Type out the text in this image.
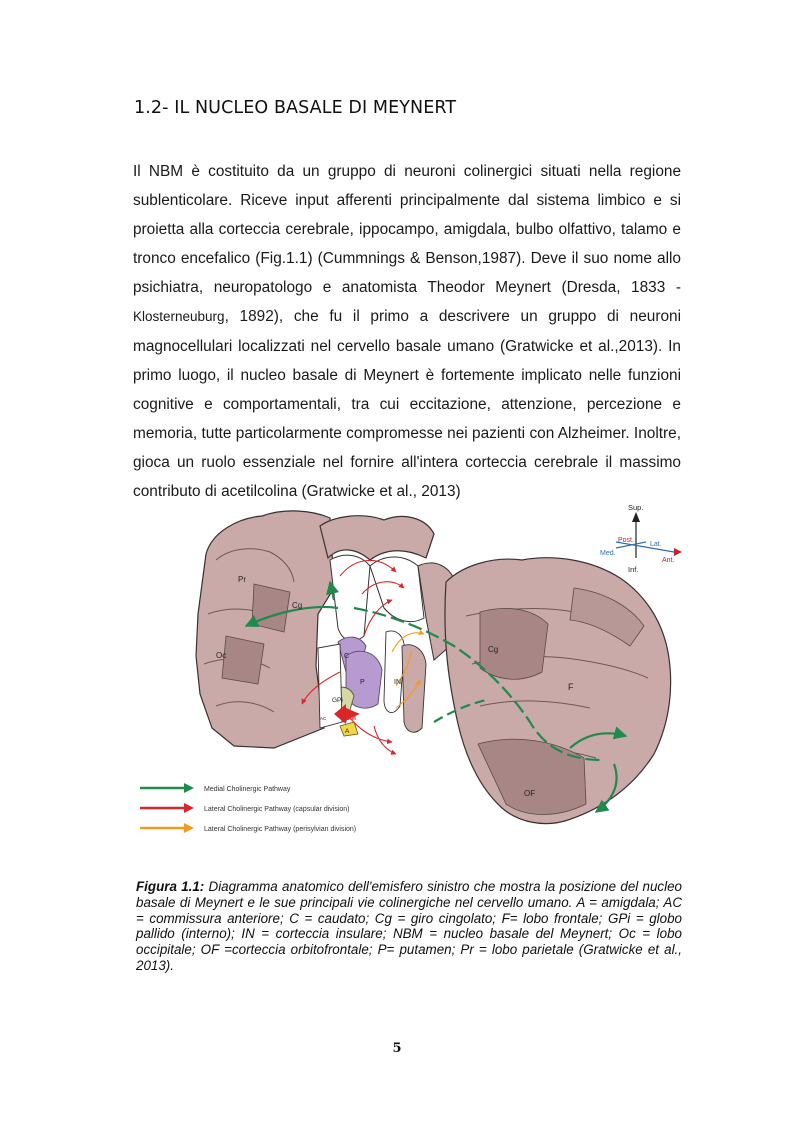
1.2- IL NUCLEO BASALE DI MEYNERT
Il NBM è costituito da un gruppo di neuroni colinergici situati nella regione sublenticolare. Riceve input afferenti principalmente dal sistema limbico e si proietta alla corteccia cerebrale, ippocampo, amigdala, bulbo olfattivo, talamo e tronco encefalico (Fig.1.1) (Cummnings & Benson,1987). Deve il suo nome allo psichiatra, neuropatologo e anatomista Theodor Meynert (Dresda, 1833 - Klosterneuburg, 1892), che fu il primo a descrivere un gruppo di neuroni magnocellulari localizzati nel cervello basale umano (Gratwicke et al.,2013). In primo luogo, il nucleo basale di Meynert è fortemente implicato nelle funzioni cognitive e comportamentali, tra cui eccitazione, attenzione, percezione e memoria, tutte particolarmente compromesse nei pazienti con Alzheimer. Inoltre, gioca un ruolo essenziale nel fornire all'intera corteccia cerebrale il massimo contributo di acetilcolina (Gratwicke et al., 2013)
Sup.
Inf.
Post.
Med.
Lat.
Ant.
Pr
Oc
Cg
Cg
F
OF
C
P
GPi
IN
NBM
A
AC
Medial Cholinergic Pathway
Lateral Cholinergic Pathway (capsular division)
Lateral Cholinergic Pathway (perisylvian division)
Figura 1.1: Diagramma anatomico dell'emisfero sinistro che mostra la posizione del nucleo basale di Meynert e le sue principali vie colinergiche nel cervello umano. A = amigdala; AC = commissura anteriore; C = caudato; Cg = giro cingolato; F= lobo frontale; GPi = globo pallido (interno); IN = corteccia insulare; NBM = nucleo basale del Meynert; Oc = lobo occipitale; OF =corteccia orbitofrontale; P= putamen; Pr = lobo parietale (Gratwicke et al., 2013).
5
